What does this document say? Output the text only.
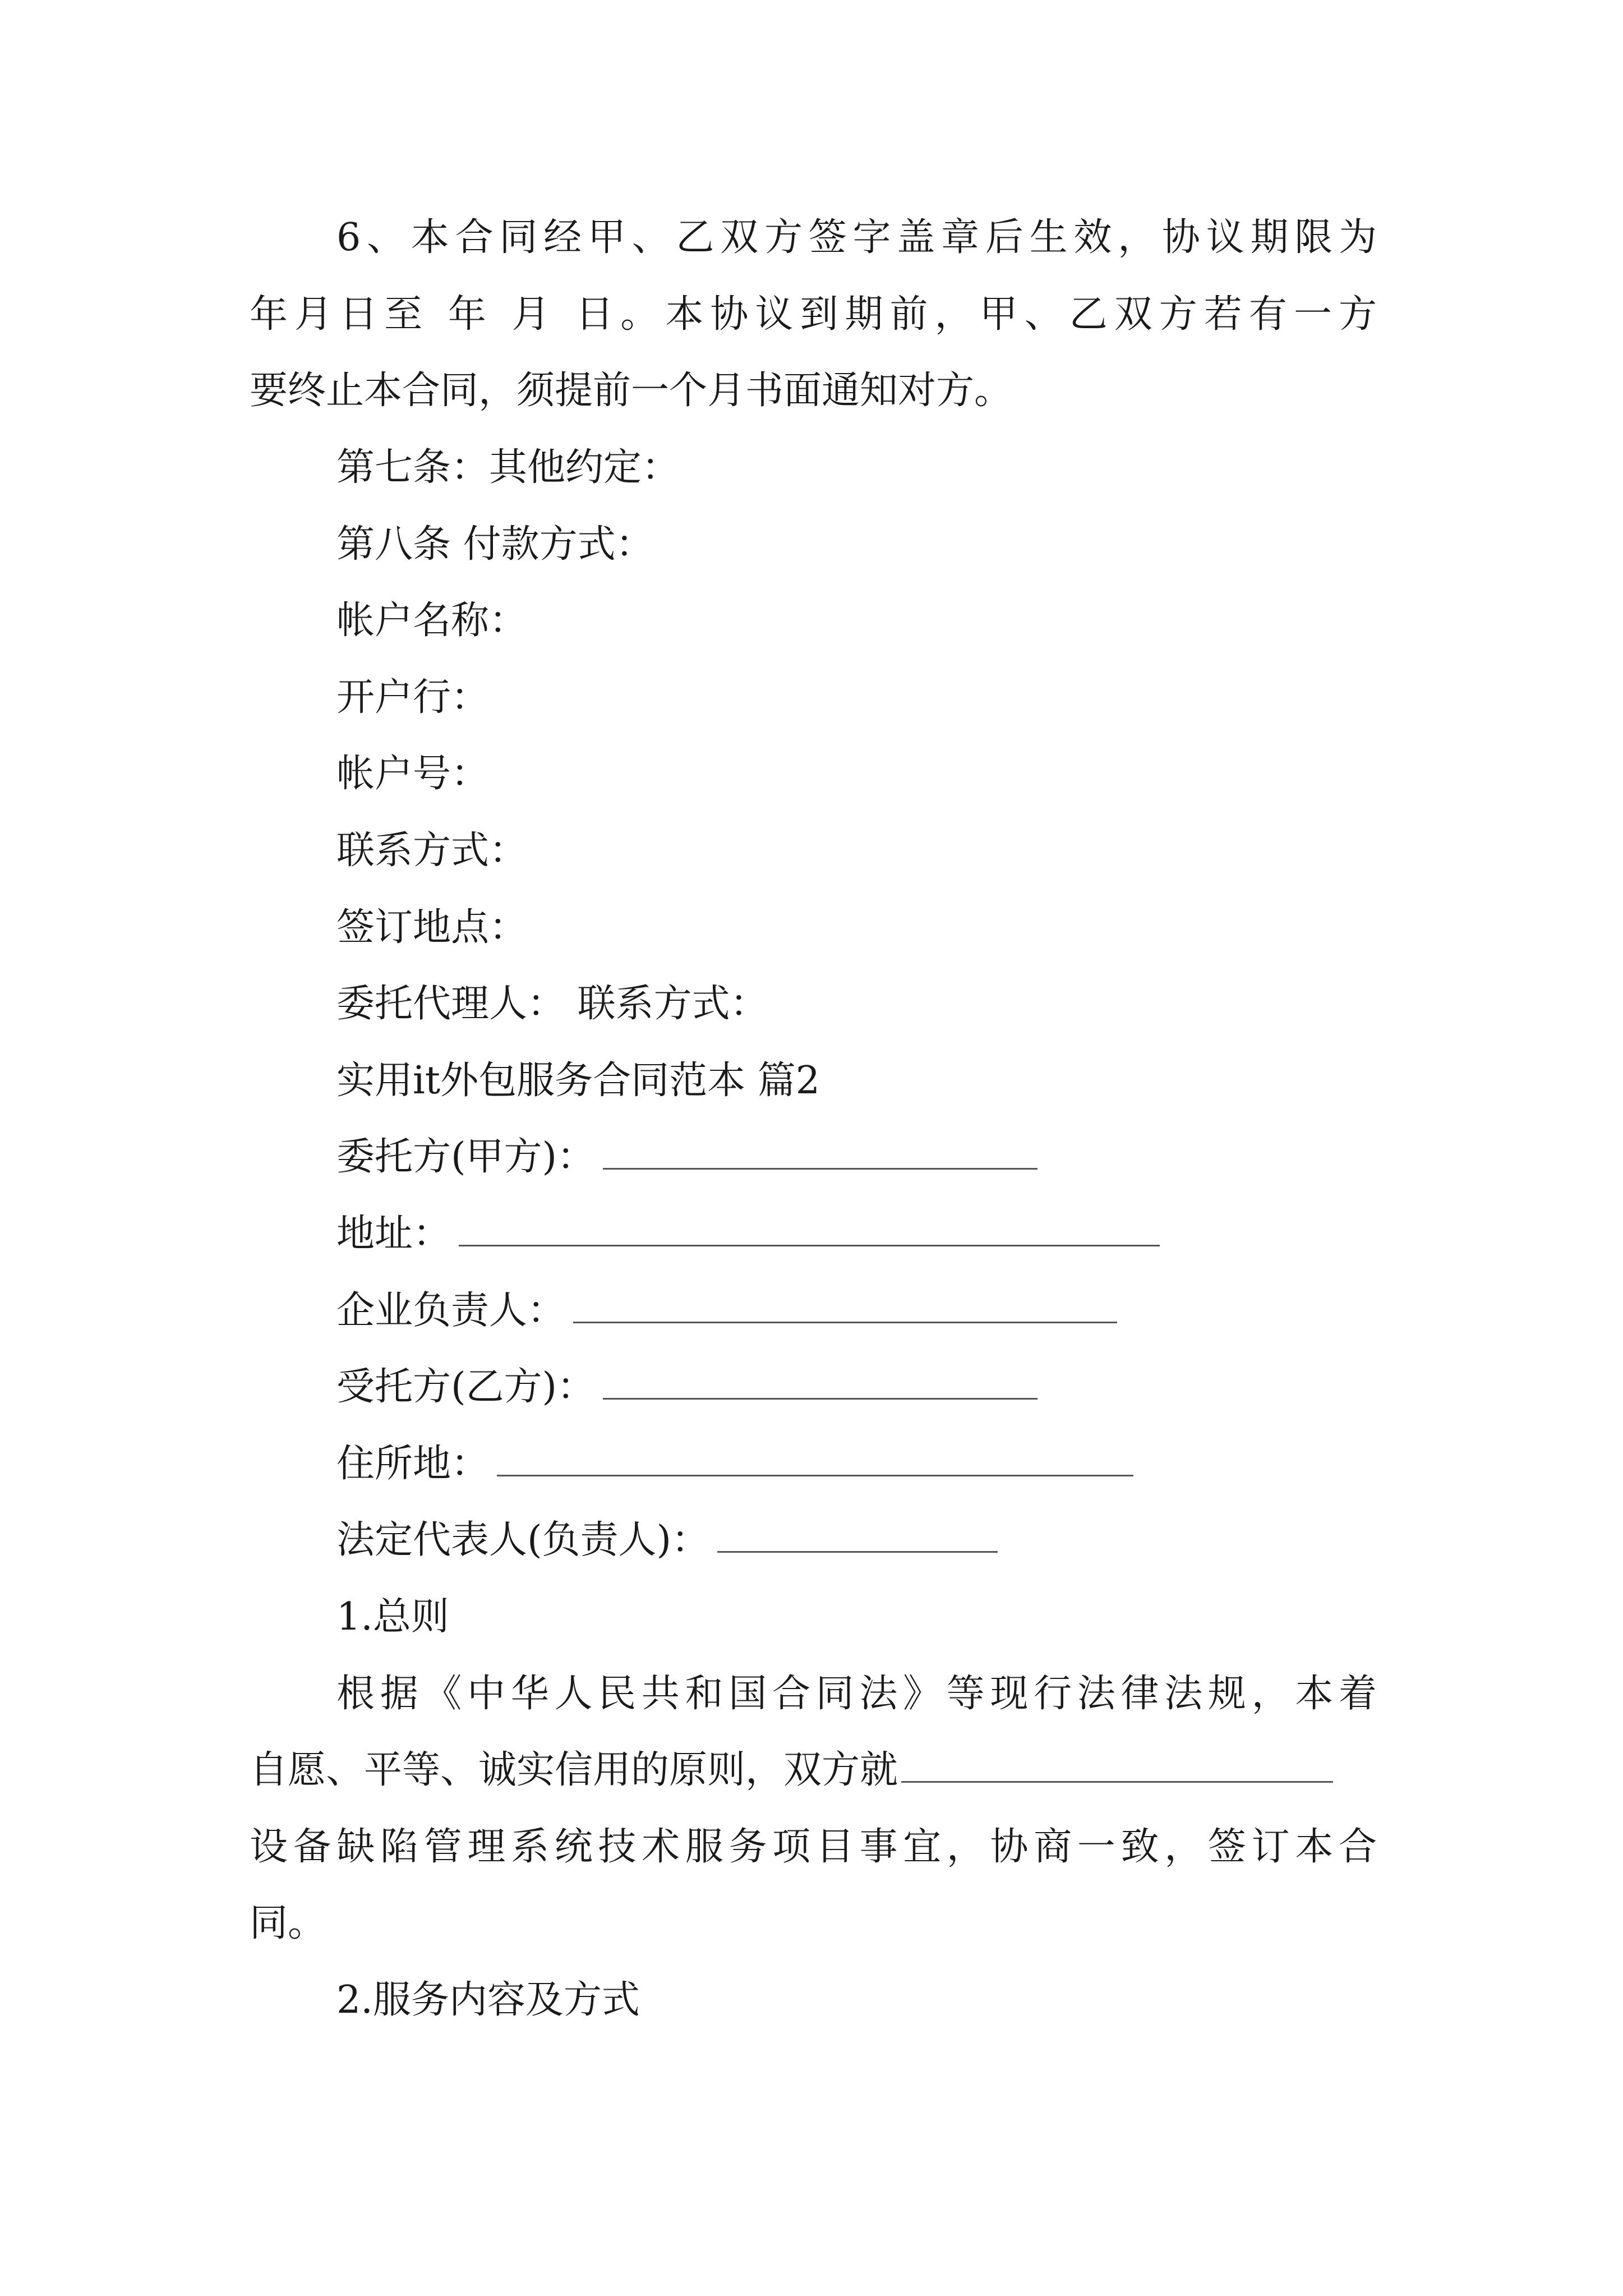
6、本合同经甲、乙双方签字盖章后生效，协议期限为
年月日至 年 月 日。本协议到期前，甲、乙双方若有一方
要终止本合同，须提前一个月书面通知对方。
第七条：其他约定：
第八条 付款方式：
帐户名称：
开户行：
帐户号：
联系方式：
签订地点：
委托代理人： 联系方式：
实用it外包服务合同范本 篇2
委托方(甲方)：
地址：
企业负责人：
受托方(乙方)：
住所地：
法定代表人(负责人)：
1.总则
根据《中华人民共和国合同法》等现行法律法规，本着
自愿、平等、诚实信用的原则，双方就
设备缺陷管理系统技术服务项目事宜，协商一致，签订本合
同。
2.服务内容及方式
